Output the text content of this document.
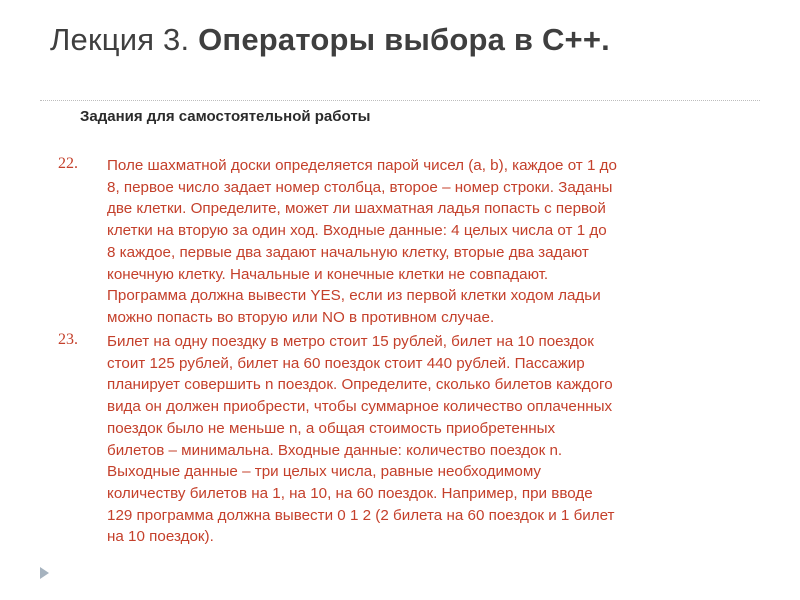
Лекция 3. Операторы выбора в С++.
Задания для самостоятельной работы
22. Поле шахматной доски определяется парой чисел (a, b), каждое от 1 до
8, первое число задает номер столбца, второе – номер строки. Заданы
две клетки. Определите, может ли шахматная ладья попасть с первой
клетки на вторую за один ход. Входные данные: 4 целых числа от 1 до
8 каждое, первые два задают начальную клетку, вторые два задают
конечную клетку. Начальные и конечные клетки не совпадают.
Программа должна вывести YES, если из первой клетки ходом ладьи
можно попасть во вторую или NO в противном случае.

23. Билет на одну поездку в метро стоит 15 рублей, билет на 10 поездок
стоит 125 рублей, билет на 60 поездок стоит 440 рублей. Пассажир
планирует совершить n поездок. Определите, сколько билетов каждого
вида он должен приобрести, чтобы суммарное количество оплаченных
поездок было не меньше n, а общая стоимость приобретенных
билетов – минимальна. Входные данные: количество поездок n.
Выходные данные – три целых числа, равные необходимому
количеству билетов на 1, на 10, на 60 поездок. Например, при вводе
129 программа должна вывести 0 1 2 (2 билета на 60 поездок и 1 билет
на 10 поездок).
